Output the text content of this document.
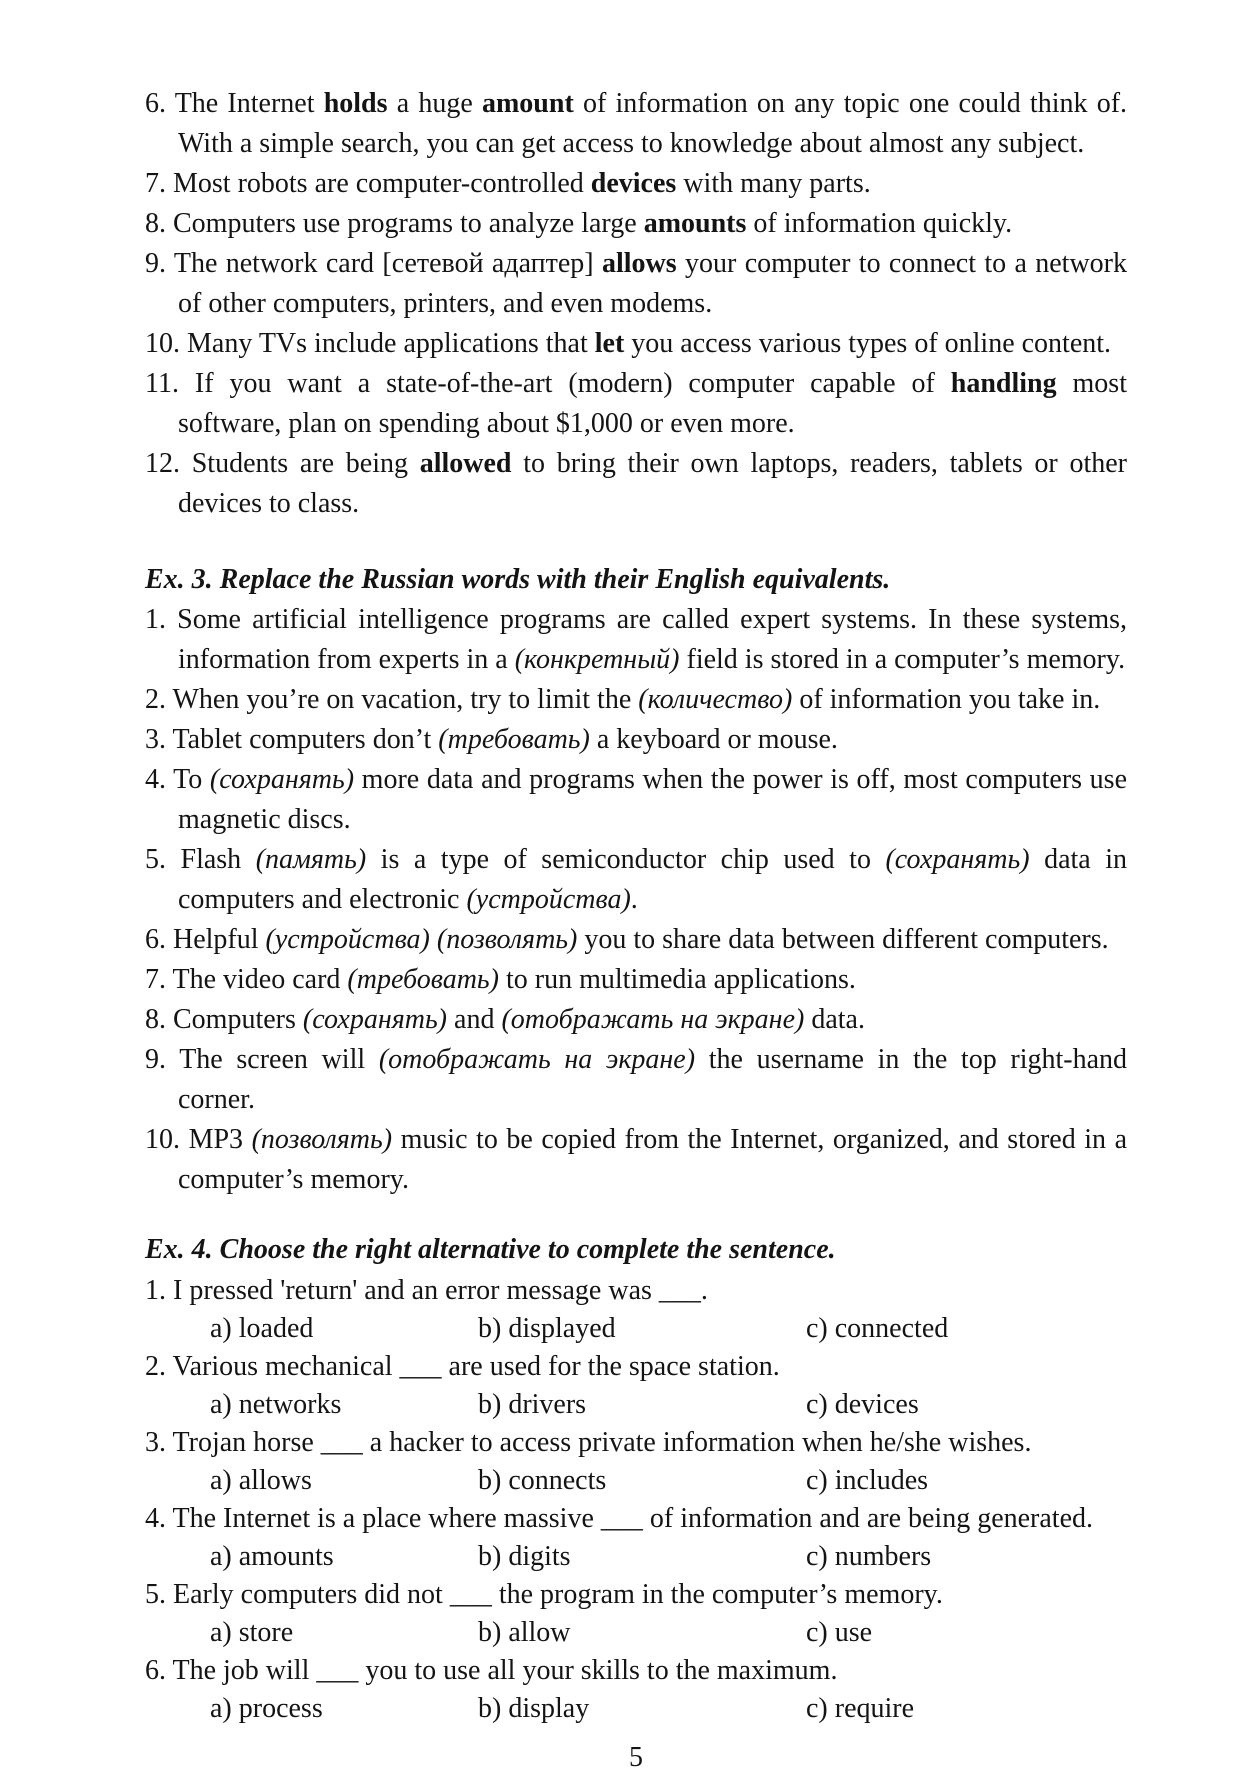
6. The Internet holds a huge amount of information on any topic one could think of. With a simple search, you can get access to knowledge about almost any subject.
7. Most robots are computer-controlled devices with many parts.
8. Computers use programs to analyze large amounts of information quickly.
9. The network card [сетевой адаптер] allows your computer to connect to a network of other computers, printers, and even modems.
10. Many TVs include applications that let you access various types of online content.
11. If you want a state-of-the-art (modern) computer capable of handling most software, plan on spending about $1,000 or even more.
12. Students are being allowed to bring their own laptops, readers, tablets or other devices to class.
Ex. 3. Replace the Russian words with their English equivalents.
1. Some artificial intelligence programs are called expert systems. In these systems, information from experts in a (конкретный) field is stored in a computer’s memory.
2. When you’re on vacation, try to limit the (количество) of information you take in.
3. Tablet computers don’t (требовать) a keyboard or mouse.
4. To (сохранять) more data and programs when the power is off, most computers use magnetic discs.
5. Flash (память) is a type of semiconductor chip used to (сохранять) data in computers and electronic (устройства).
6. Helpful (устройства) (позволять) you to share data between different computers.
7. The video card (требовать) to run multimedia applications.
8. Computers (сохранять) and (отображать на экране) data.
9. The screen will (отображать на экране) the username in the top right-hand corner.
10. MP3 (позволять) music to be copied from the Internet, organized, and stored in a computer’s memory.
Ex. 4. Choose the right alternative to complete the sentence.
1. I pressed 'return' and an error message was ___.
a) loaded	b) displayed	c) connected
2. Various mechanical ___ are used for the space station.
a) networks	b) drivers	c) devices
3. Trojan horse ___ a hacker to access private information when he/she wishes.
a) allows	b) connects	c) includes
4. The Internet is a place where massive ___ of information and are being generated.
a) amounts	b) digits	c) numbers
5. Early computers did not ___ the program in the computer’s memory.
a) store	b) allow	c) use
6. The job will ___ you to use all your skills to the maximum.
a) process	b) display	c) require
5
